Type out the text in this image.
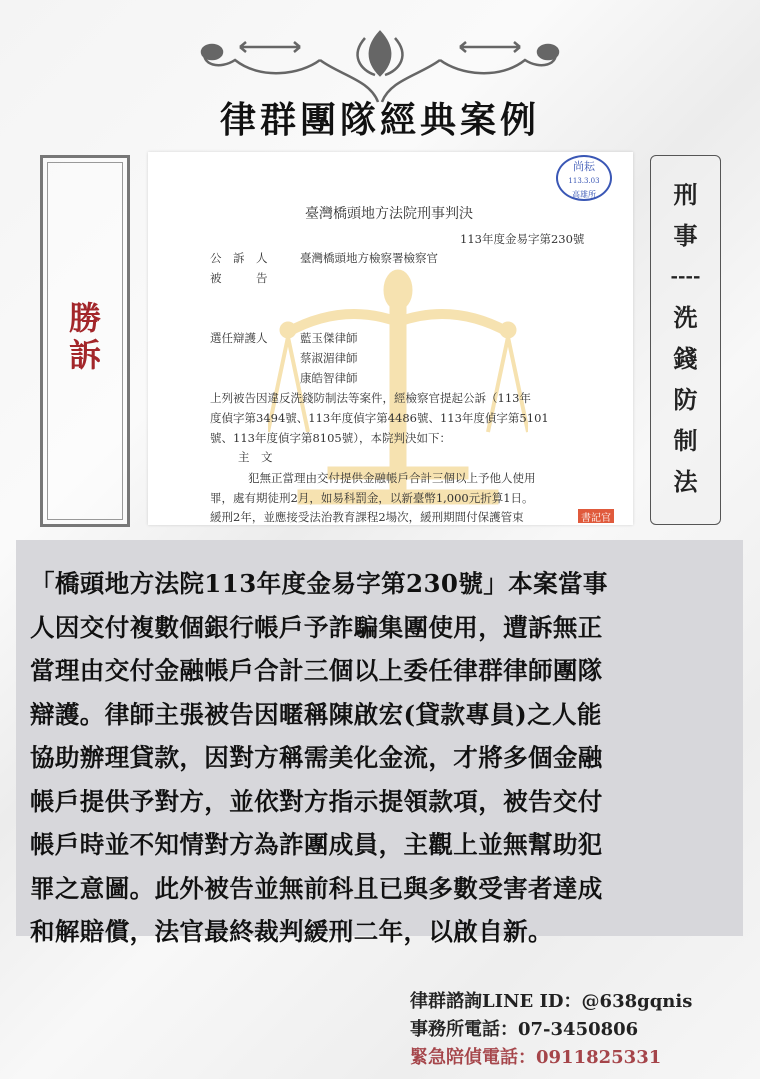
律群團隊經典案例
勝
訴
尚耘
113.3.03
高雄所
臺灣橋頭地方法院刑事判決
113年度金易字第230號
公　訴　人	臺灣橋頭地方檢察署檢察官
被　　　告
選任辯護人	藍玉傑律師
蔡淑湄律師
康皓智律師
上列被告因違反洗錢防制法等案件，經檢察官提起公訴（113年
度偵字第3494號、113年度偵字第4486號、113年度偵字第5101
號、113年度偵字第8105號），本院判決如下：
主　文
犯無正當理由交付提供金融帳戶合計三個以上予他人使用
罪，處有期徒刑2月，如易科罰金，以新臺幣1,000元折算1日。
緩刑2年，並應接受法治教育課程2場次，緩刑期間付保護管束	書記官
刑
事
----
洗
錢
防
制
法

「橋頭地方法院113年度金易字第230號」本案當事

人因交付複數個銀行帳戶予詐騙集團使用，遭訴無正

當理由交付金融帳戶合計三個以上委任律群律師團隊

辯護。律師主張被告因暱稱陳啟宏(貸款專員)之人能

協助辦理貸款，因對方稱需美化金流，才將多個金融

帳戶提供予對方，並依對方指示提領款項，被告交付

帳戶時並不知情對方為詐團成員，主觀上並無幫助犯

罪之意圖。此外被告並無前科且已與多數受害者達成

和解賠償，法官最終裁判緩刑二年，以啟自新。

律群諮詢LINE ID：@638gqnis
事務所電話：07-3450806
緊急陪偵電話：0911825331
